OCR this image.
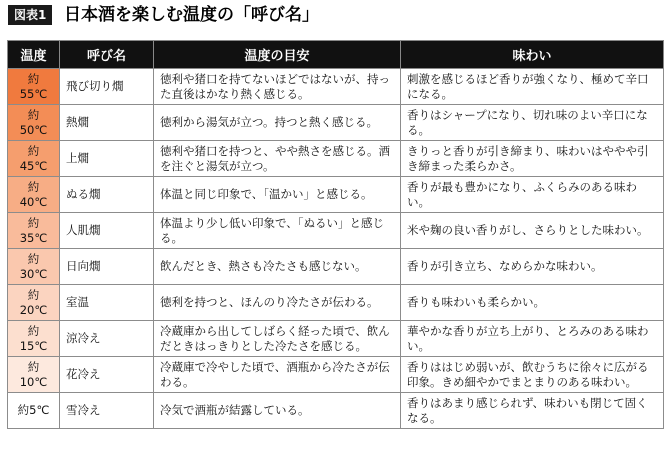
図表1	日本酒を楽しむ温度の「呼び名」
温度	呼び名	温度の目安	味わい
約55℃	飛び切り燗	徳利や猪口を持てないほどではないが、持った直後はかなり熱く感じる。	刺激を感じるほど香りが強くなり、極めて辛口になる。
約50℃	熱燗	徳利から湯気が立つ。持つと熱く感じる。	香りはシャープになり、切れ味のよい辛口になる。
約45℃	上燗	徳利や猪口を持つと、やや熱さを感じる。酒を注ぐと湯気が立つ。	きりっと香りが引き締まり、味わいはややや引き締まった柔らかさ。
約40℃	ぬる燗	体温と同じ印象で、「温かい」と感じる。	香りが最も豊かになり、ふくらみのある味わい。
約35℃	人肌燗	体温より少し低い印象で、「ぬるい」と感じる。	米や麹の良い香りがし、さらりとした味わい。
約30℃	日向燗	飲んだとき、熱さも冷たさも感じない。	香りが引き立ち、なめらかな味わい。
約20℃	室温	徳利を持つと、ほんのり冷たさが伝わる。	香りも味わいも柔らかい。
約15℃	涼冷え	冷蔵庫から出してしばらく経った頃で、飲んだときはっきりとした冷たさを感じる。	華やかな香りが立ち上がり、とろみのある味わい。
約10℃	花冷え	冷蔵庫で冷やした頃で、酒瓶から冷たさが伝わる。	香りははじめ弱いが、飲むうちに徐々に広がる印象。きめ細やかでまとまりのある味わい。
約5℃	雪冷え	冷気で酒瓶が結露している。	香りはあまり感じられず、味わいも閉じて固くなる。
